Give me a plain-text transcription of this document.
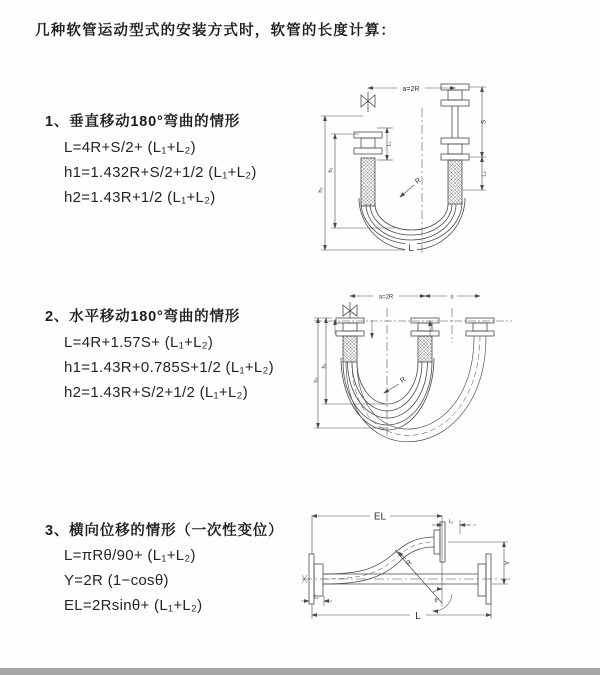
几种软管运动型式的安装方式时，软管的长度计算：
1、垂直移动180°弯曲的情形
L=4R+S/2+ (L₁+L₂)
h1=1.432R+S/2+1/2 (L₁+L₂)
h2=1.43R+1/2 (L₁+L₂)
2、水平移动180°弯曲的情形
L=4R+1.57S+ (L₁+L₂)
h1=1.43R+0.785S+1/2 (L₁+L₂)
h2=1.43R+S/2+1/2 (L₁+L₂)
3、横向位移的情形（一次性变位）
L=πRθ/90+ (L₁+L₂)
Y=2R (1−cosθ)
EL=2Rsinθ+ (L₁+L₂)
a=2R
L₁
S
L₂
h₂
h₁
R
L
a=2R	s
h₂
h₁
R
EL	L₂
Y
L
L₁
θ
R
